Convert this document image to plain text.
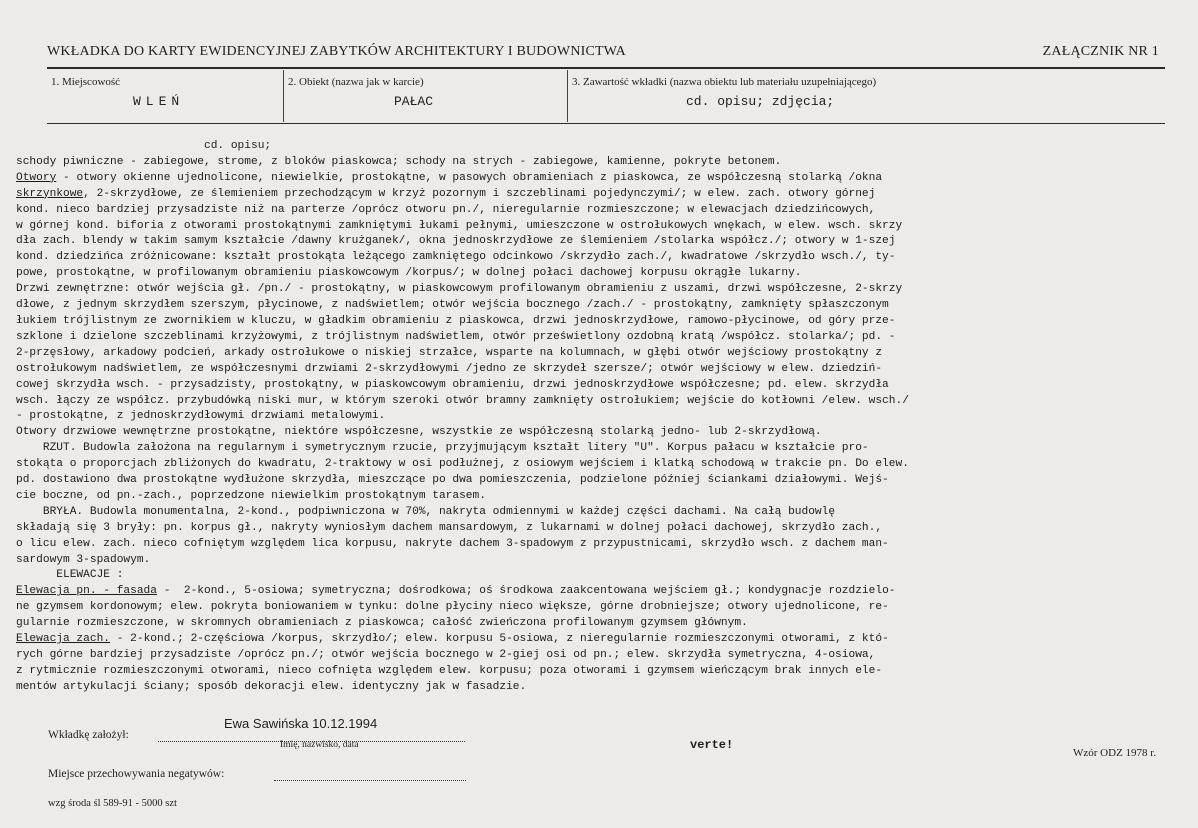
WKŁADKA DO KARTY EWIDENCYJNEJ ZABYTKÓW ARCHITEKTURY I BUDOWNICTWA	ZAŁĄCZNIK NR 1
1. Miejscowość
WLEŃ
2. Obiekt (nazwa jak w karcie)
PAŁAC
3. Zawartość wkładki (nazwa obiektu lub materiału uzupełniającego)
cd. opisu; zdjęcia;
cd. opisu;
schody piwniczne - zabiegowe, strome, z bloków piaskowca; schody na strych - zabiegowe, kamienne, pokryte betonem.
Otwory - otwory okienne ujednolicone, niewielkie, prostokątne, w pasowych obramieniach z piaskowca, ze współczesną stolarką /okna
skrzynkowe, 2-skrzydłowe, ze ślemieniem przechodzącym w krzyż pozornym i szczeblinami pojedynczymi/; w elew. zach. otwory górnej
kond. nieco bardziej przysadziste niż na parterze /oprócz otworu pn./, nieregularnie rozmieszczone; w elewacjach dziedzińcowych,
w górnej kond. biforia z otworami prostokątnymi zamkniętymi łukami pełnymi, umieszczone w ostrołukowych wnękach, w elew. wsch. skrzy
dła zach. blendy w takim samym kształcie /dawny krużganek/, okna jednoskrzydłowe ze ślemieniem /stolarka współcz./; otwory w 1-szej
kond. dziedzińca zróżnicowane: kształt prostokąta leżącego zamkniętego odcinkowo /skrzydło zach./, kwadratowe /skrzydło wsch./, ty-
powe, prostokątne, w profilowanym obramieniu piaskowcowym /korpus/; w dolnej połaci dachowej korpusu okrągłe lukarny.
Drzwi zewnętrzne: otwór wejścia gł. /pn./ - prostokątny, w piaskowcowym profilowanym obramieniu z uszami, drzwi współczesne, 2-skrzy
dłowe, z jednym skrzydłem szerszym, płycinowe, z nadświetlem; otwór wejścia bocznego /zach./ - prostokątny, zamknięty spłaszczonym
łukiem trójlistnym ze zwornikiem w kluczu, w gładkim obramieniu z piaskowca, drzwi jednoskrzydłowe, ramowo-płycinowe, od góry prze-
szklone i dzielone szczeblinami krzyżowymi, z trójlistnym nadświetlem, otwór prześwietlony ozdobną kratą /współcz. stolarka/; pd. -
2-przęsłowy, arkadowy podcień, arkady ostrołukowe o niskiej strzałce, wsparte na kolumnach, w głębi otwór wejściowy prostokątny z
ostrołukowym nadświetlem, ze współczesnymi drzwiami 2-skrzydłowymi /jedno ze skrzydeł szersze/; otwór wejściowy w elew. dziedziń-
cowej skrzydła wsch. - przysadzisty, prostokątny, w piaskowcowym obramieniu, drzwi jednoskrzydłowe współczesne; pd. elew. skrzydła
wsch. łączy ze współcz. przybudówką niski mur, w którym szeroki otwór bramny zamknięty ostrołukiem; wejście do kotłowni /elew. wsch./
- prostokątne, z jednoskrzydłowymi drzwiami metalowymi.
Otwory drzwiowe wewnętrzne prostokątne, niektóre współczesne, wszystkie ze współczesną stolarką jedno- lub 2-skrzydłową.
RZUT. Budowla założona na regularnym i symetrycznym rzucie, przyjmującym kształt litery "U". Korpus pałacu w kształcie pro-
stokąta o proporcjach zbliżonych do kwadratu, 2-traktowy w osi podłużnej, z osiowym wejściem i klatką schodową w trakcie pn. Do elew.
pd. dostawiono dwa prostokątne wydłużone skrzydła, mieszczące po dwa pomieszczenia, podzielone później ściankami działowymi. Wejś-
cie boczne, od pn.-zach., poprzedzone niewielkim prostokątnym tarasem.
BRYŁA. Budowla monumentalna, 2-kond., podpiwniczona w 70%, nakryta odmiennymi w każdej części dachami. Na całą budowlę
składają się 3 bryły: pn. korpus gł., nakryty wyniosłym dachem mansardowym, z lukarnami w dolnej połaci dachowej, skrzydło zach.,
o licu elew. zach. nieco cofniętym względem lica korpusu, nakryte dachem 3-spadowym z przypustnicami, skrzydło wsch. z dachem man-
sardowym 3-spadowym.
ELEWACJE :
Elewacja pn. - fasada -  2-kond., 5-osiowa; symetryczna; dośrodkowa; oś środkowa zaakcentowana wejściem gł.; kondygnacje rozdzielo-
ne gzymsem kordonowym; elew. pokryta boniowaniem w tynku: dolne płyciny nieco większe, górne drobniejsze; otwory ujednolicone, re-
gularnie rozmieszczone, w skromnych obramieniach z piaskowca; całość zwieńczona profilowanym gzymsem głównym.
Elewacja zach. - 2-kond.; 2-częściowa /korpus, skrzydło/; elew. korpusu 5-osiowa, z nieregularnie rozmieszczonymi otworami, z któ-
rych górne bardziej przysadziste /oprócz pn./; otwór wejścia bocznego w 2-giej osi od pn.; elew. skrzydła symetryczna, 4-osiowa,
z rytmicznie rozmieszczonymi otworami, nieco cofnięta względem elew. korpusu; poza otworami i gzymsem wieńczącym brak innych ele-
mentów artykulacji ściany; sposób dekoracji elew. identyczny jak w fasadzie.
Ewa Sawińska 10.12.1994
Wkładkę założył:
Imię, nazwisko, data	verte!
Wzór ODZ 1978 r.
Miejsce przechowywania negatywów:
wzg środa śl 589-91 - 5000 szt
